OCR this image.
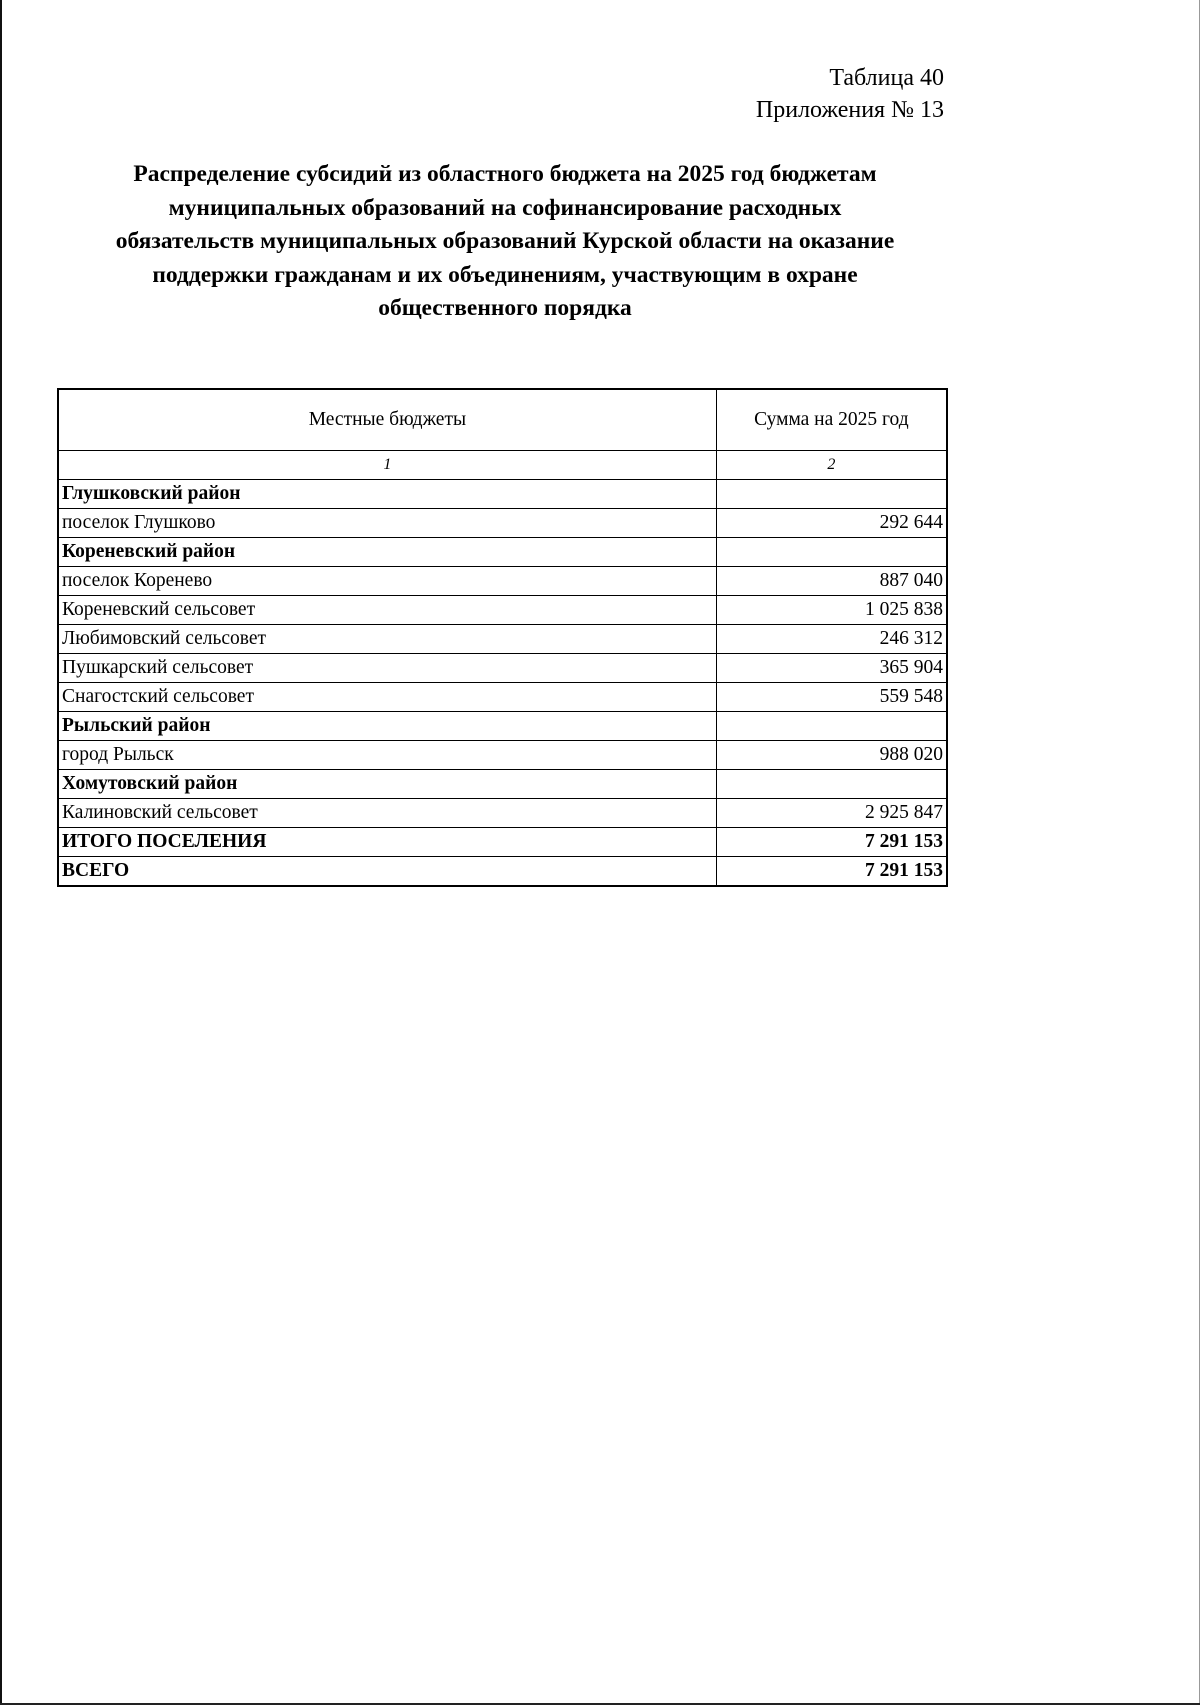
Таблица 40
Приложения № 13
Распределение субсидий из областного бюджета на 2025 год бюджетам
муниципальных образований на софинансирование расходных
обязательств муниципальных образований Курской области на оказание
поддержки гражданам и их объединениям, участвующим в охране
общественного порядка
Местные бюджеты	Сумма на 2025 год
1	2
Глушковский район	
поселок Глушково	292 644
Кореневский район	
поселок Коренево	887 040
Кореневский сельсовет	1 025 838
Любимовский сельсовет	246 312
Пушкарский сельсовет	365 904
Снагостский сельсовет	559 548
Рыльский район	
город Рыльск	988 020
Хомутовский район	
Калиновский сельсовет	2 925 847
ИТОГО ПОСЕЛЕНИЯ	7 291 153
ВСЕГО	7 291 153
